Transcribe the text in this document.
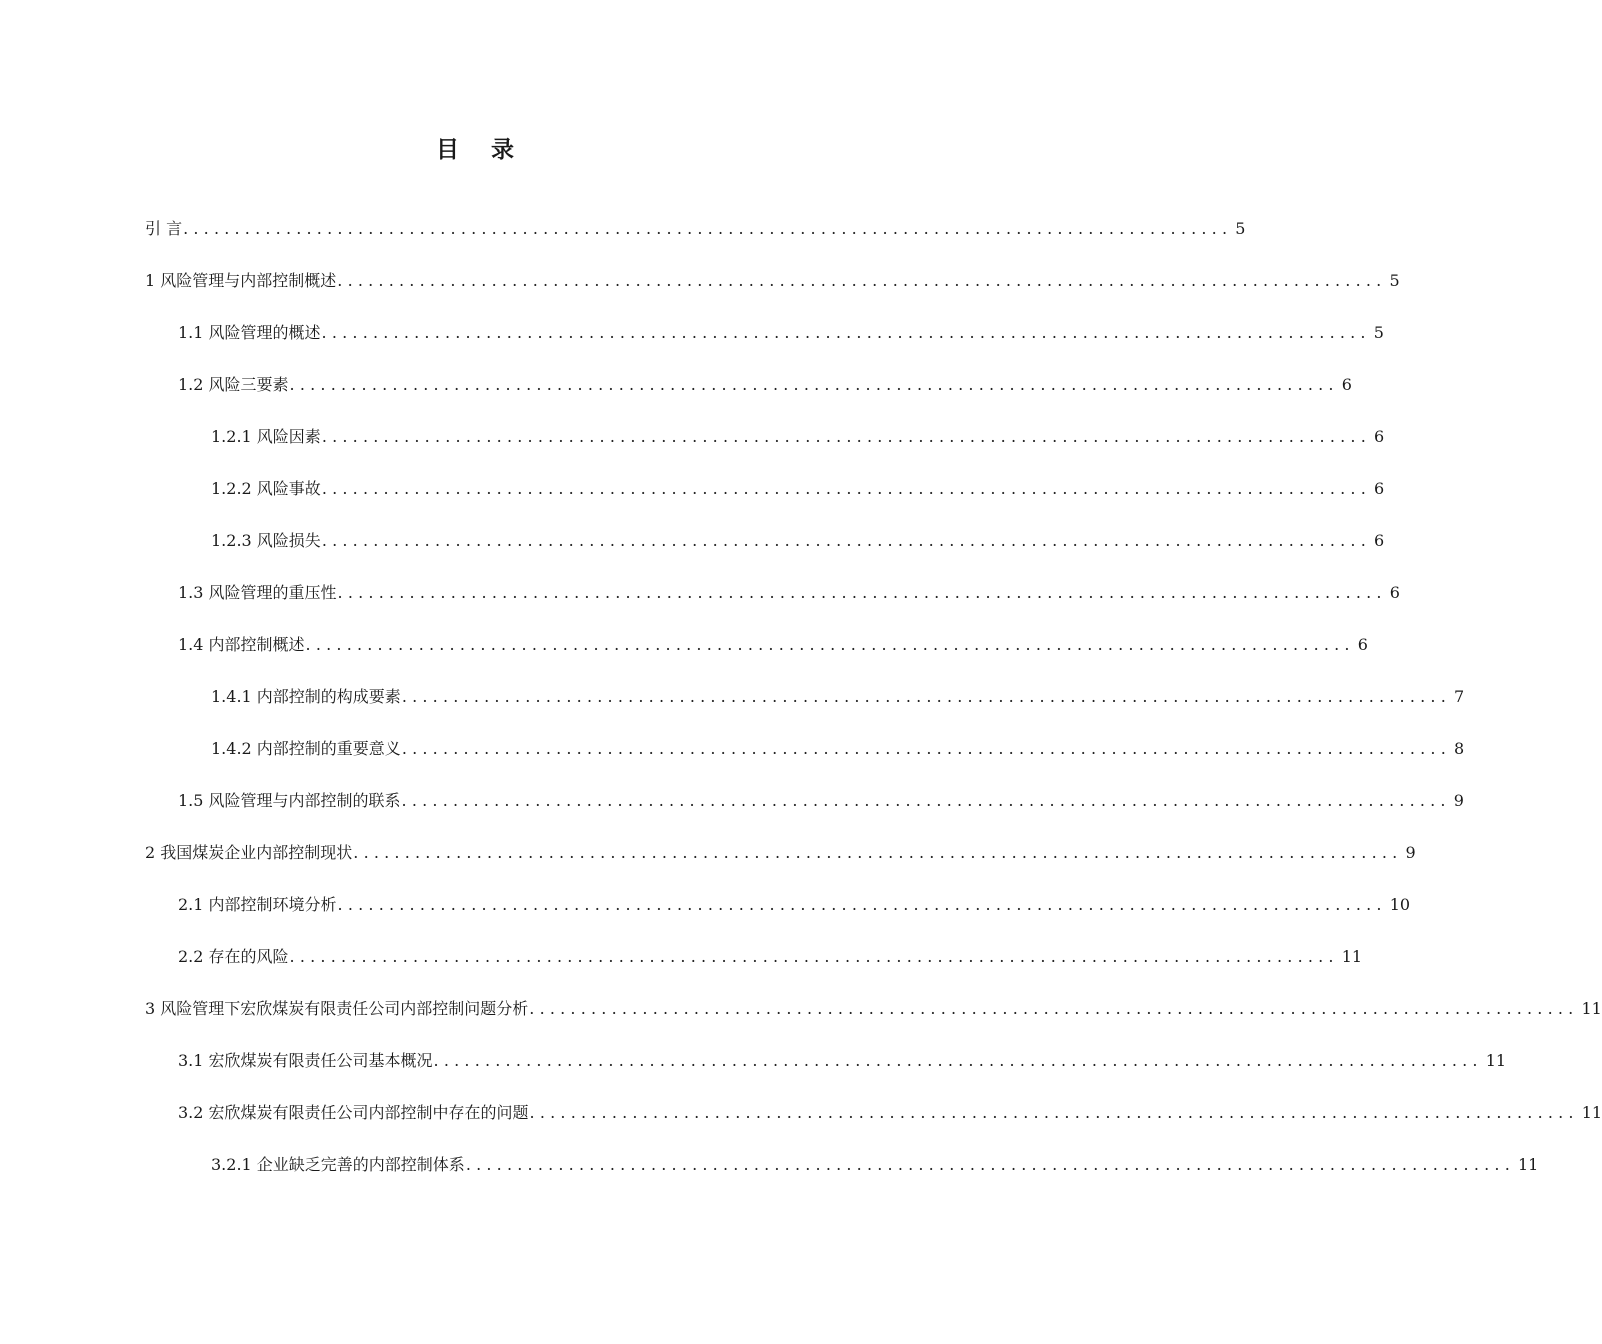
目 录
引 言 ...................................................................................................... 5
1 风险管理与内部控制概述 ...................................................................................................... 5
1.1 风险管理的概述 ...................................................................................................... 5
1.2 风险三要素 ...................................................................................................... 6
1.2.1 风险因素 ...................................................................................................... 6
1.2.2 风险事故 ...................................................................................................... 6
1.2.3 风险损失 ...................................................................................................... 6
1.3 风险管理的重压性 ...................................................................................................... 6
1.4 内部控制概述 ...................................................................................................... 6
1.4.1 内部控制的构成要素 ...................................................................................................... 7
1.4.2 内部控制的重要意义 ...................................................................................................... 8
1.5 风险管理与内部控制的联系 ...................................................................................................... 9
2 我国煤炭企业内部控制现状 ...................................................................................................... 9
2.1 内部控制环境分析 ...................................................................................................... 10
2.2 存在的风险 ...................................................................................................... 11
3 风险管理下宏欣煤炭有限责任公司内部控制问题分析 ...................................................................................................... 11
3.1 宏欣煤炭有限责任公司基本概况 ...................................................................................................... 11
3.2 宏欣煤炭有限责任公司内部控制中存在的问题 ...................................................................................................... 11
3.2.1 企业缺乏完善的内部控制体系 ...................................................................................................... 11
